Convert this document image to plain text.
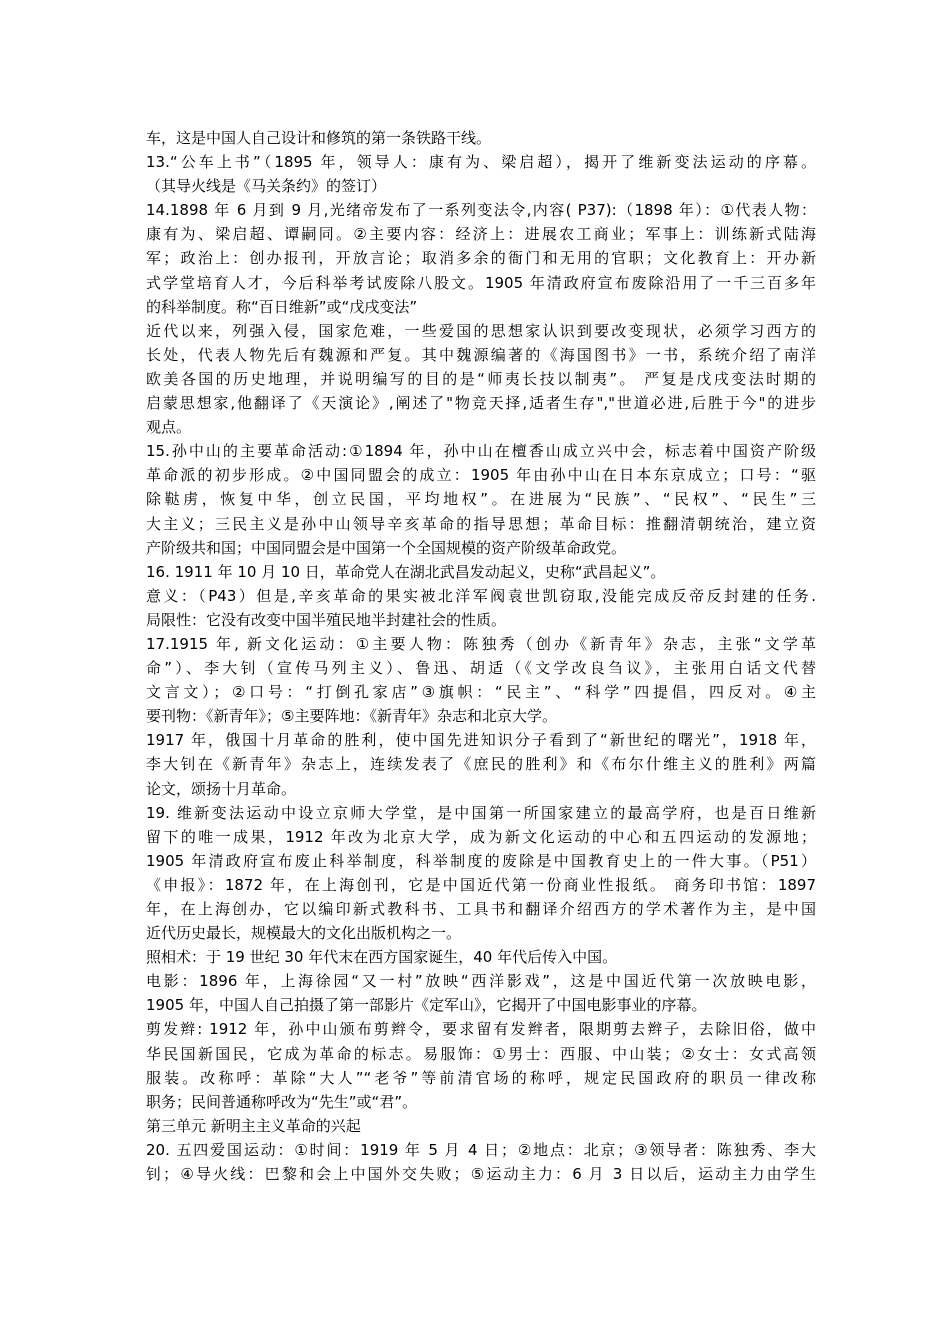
车，这是中国人自己设计和修筑的第一条铁路干线。
13.“公车上书”（1895 年，领导人：康有为、梁启超），揭开了维新变法运动的序幕。
（其导火线是《马关条约》的签订）
14.1898 年 6 月到 9 月,光绪帝发布了一系列变法令,内容( P37):（1898 年）：①代表人物：
康有为、梁启超、谭嗣同。②主要内容：经济上：进展农工商业；军事上：训练新式陆海
军；政治上：创办报刊，开放言论；取消多余的衙门和无用的官职；文化教育上：开办新
式学堂培育人才，今后科举考试废除八股文。1905 年清政府宣布废除沿用了一千三百多年
的科举制度。称“百日维新”或“戊戌变法”
近代以来，列强入侵，国家危难，一些爱国的思想家认识到要改变现状，必须学习西方的
长处，代表人物先后有魏源和严复。其中魏源编著的《海国图书》一书，系统介绍了南洋
欧美各国的历史地理，并说明编写的目的是“师夷长技以制夷”。 严复是戊戌变法时期的
启蒙思想家,他翻译了《天演论》,阐述了"物竞天择,适者生存","世道必进,后胜于今"的进步
观点。
15.孙中山的主要革命活动:①1894 年，孙中山在檀香山成立兴中会，标志着中国资产阶级
革命派的初步形成。②中国同盟会的成立：1905 年由孙中山在日本东京成立；口号：“驱
除鞑虏，恢复中华，创立民国，平均地权”。在进展为“民族”、“民权”、“民生”三
大主义；三民主义是孙中山领导辛亥革命的指导思想；革命目标：推翻清朝统治，建立资
产阶级共和国；中国同盟会是中国第一个全国规模的资产阶级革命政党。
16. 1911 年 10 月 10 日，革命党人在湖北武昌发动起义，史称“武昌起义”。
意义：（P43）但是,辛亥革命的果实被北洋军阀袁世凯窃取,没能完成反帝反封建的任务.
局限性：它没有改变中国半殖民地半封建社会的性质。
17.1915 年, 新文化运动：①主要人物：陈独秀（创办《新青年》杂志，主张“文学革
命”）、李大钊（宣传马列主义）、鲁迅、胡适（《文学改良刍议》，主张用白话文代替
文言文）；②口号：“打倒孔家店”③旗帜：“民主”、“科学”四提倡，四反对。④主
要刊物：《新青年》；⑤主要阵地：《新青年》杂志和北京大学。
1917 年，俄国十月革命的胜利，使中国先进知识分子看到了“新世纪的曙光”，1918 年，
李大钊在《新青年》杂志上，连续发表了《庶民的胜利》和《布尔什维主义的胜利》两篇
论文，颂扬十月革命。
19. 维新变法运动中设立京师大学堂，是中国第一所国家建立的最高学府，也是百日维新
留下的唯一成果，1912 年改为北京大学，成为新文化运动的中心和五四运动的发源地；
1905 年清政府宣布废止科举制度，科举制度的废除是中国教育史上的一件大事。（P51）
《申报》：1872 年，在上海创刊，它是中国近代第一份商业性报纸。 商务印书馆：1897
年，在上海创办，它以编印新式教科书、工具书和翻译介绍西方的学术著作为主，是中国
近代历史最长，规模最大的文化出版机构之一。
照相术：于 19 世纪 30 年代末在西方国家诞生，40 年代后传入中国。
电影：1896 年，上海徐园“又一村”放映“西洋影戏”，这是中国近代第一次放映电影，
1905 年，中国人自己拍摄了第一部影片《定军山》，它揭开了中国电影事业的序幕。
剪发辫: 1912 年，孙中山颁布剪辫令，要求留有发辫者，限期剪去辫子，去除旧俗，做中
华民国新国民，它成为革命的标志。易服饰：①男士：西服、中山装；②女士：女式高领
服装。改称呼：革除“大人”“老爷”等前清官场的称呼，规定民国政府的职员一律改称
职务；民间普通称呼改为“先生”或“君”。
第三单元 新明主主义革命的兴起
20. 五四爱国运动：①时间：1919 年 5 月 4 日；②地点：北京；③领导者：陈独秀、李大
钊；④导火线：巴黎和会上中国外交失败；⑤运动主力：6 月 3 日以后，运动主力由学生
